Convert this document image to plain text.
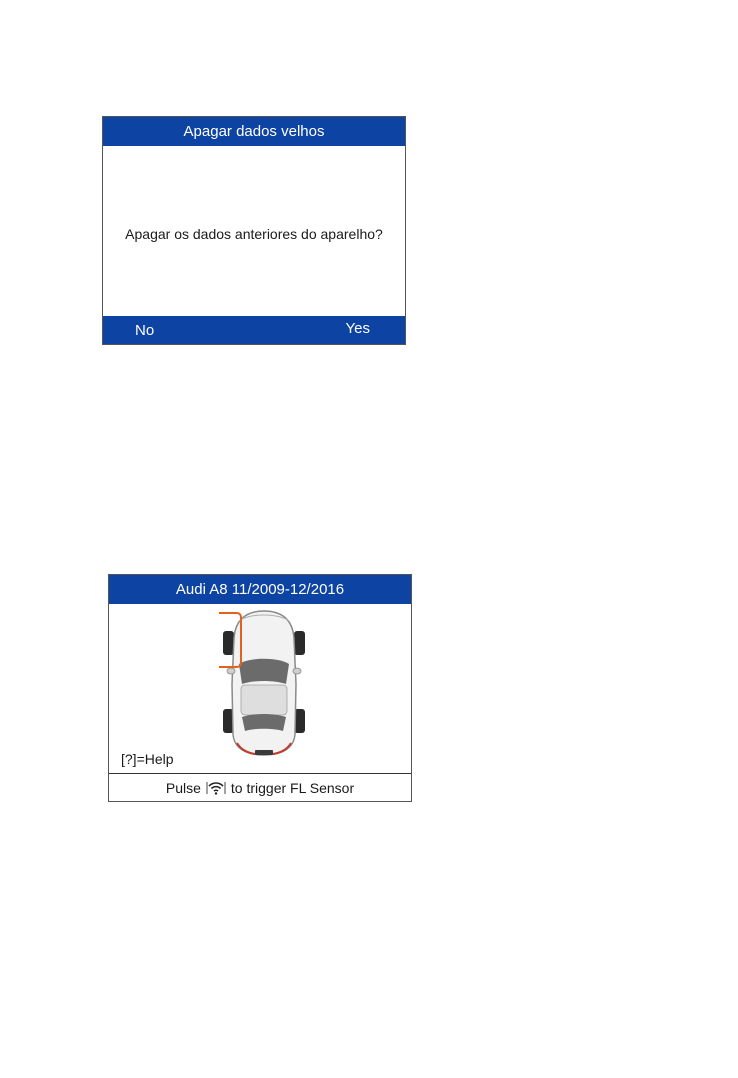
Apagar dados velhos
Apagar os dados anteriores do aparelho?
No	Yes
Audi A8 11/2009-12/2016
[?]=Help
Pulse to trigger FL Sensor
